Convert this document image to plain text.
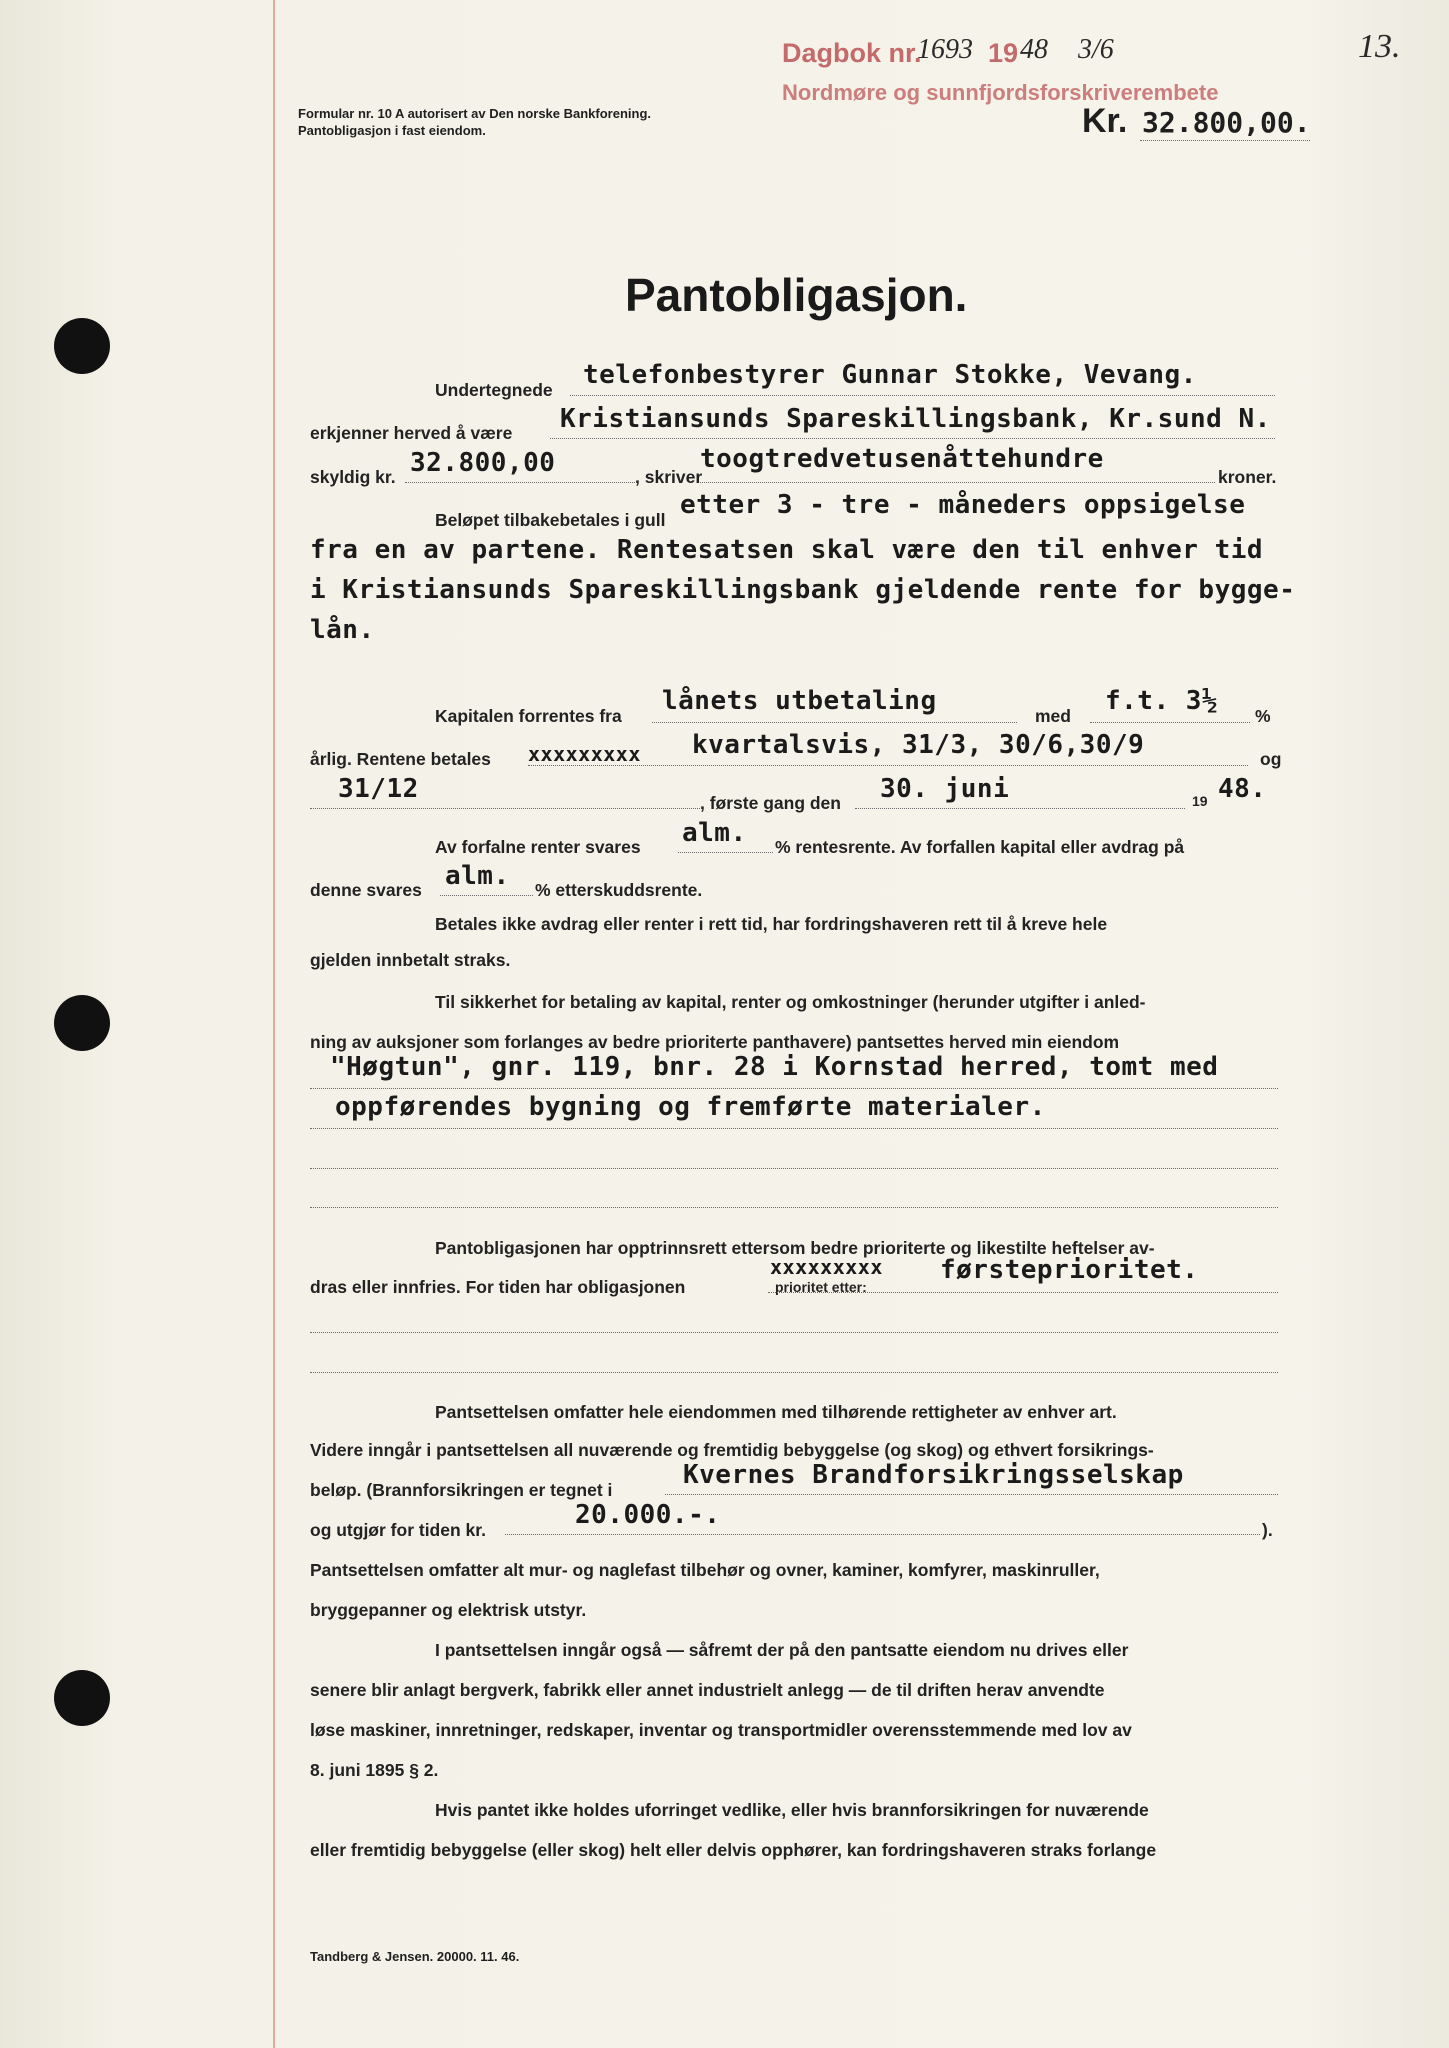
Dagbok nr.
1693 19 48 3/6
Nordmøre og sunnfjordsforskriverembete
13.
Formular nr. 10 A autorisert av Den norske Bankforening.
Pantobligasjon i fast eiendom.	Kr. 32.800,00.
Pantobligasjon.
Undertegnede telefonbestyrer Gunnar Stokke, Vevang.
erkjenner herved å være Kristiansunds Spareskillingsbank, Kr.sund N.
skyldig kr. 32.800,00	, skriver
toogtredvetusenåttehundre
kroner.
Beløpet tilbakebetales i gull etter 3 - tre - måneders oppsigelse
fra en av partene. Rentesatsen skal være den til enhver tid
i Kristiansunds Spareskillingsbank gjeldende rente for bygge-
lån.
Kapitalen forrentes fra lånets utbetaling	med f.t. 3½ %
årlig. Rentene betales xxxxxxxxx kvartalsvis, 31/3, 30/6,30/9	og
31/12	, første gang den 30. juni	19 48.
Av forfalne renter svares alm. % rentesrente. Av forfallen kapital eller avdrag på
denne svares alm. % etterskuddsrente.
Betales ikke avdrag eller renter i rett tid, har fordringshaveren rett til å kreve hele
gjelden innbetalt straks.
Til sikkerhet for betaling av kapital, renter og omkostninger (herunder utgifter i anled-
ning av auksjoner som forlanges av bedre prioriterte panthavere) pantsettes herved min eiendom
"Høgtun", gnr. 119, bnr. 28 i Kornstad herred, tomt med
oppførendes bygning og fremførte materialer.
Pantobligasjonen har opptrinnsrett ettersom bedre prioriterte og likestilte heftelser av-
dras eller innfries. For tiden har obligasjonen
xxxxxxxxx
prioritet etter:
førsteprioritet.
Pantsettelsen omfatter hele eiendommen med tilhørende rettigheter av enhver art.
Videre inngår i pantsettelsen all nuværende og fremtidig bebyggelse (og skog) og ethvert forsikrings-
beløp. (Brannforsikringen er tegnet i	Kvernes Brandforsikringsselskap
og utgjør for tiden kr.	20.000.-.	).
Pantsettelsen omfatter alt mur- og naglefast tilbehør og ovner, kaminer, komfyrer, maskinruller,
bryggepanner og elektrisk utstyr.
I pantsettelsen inngår også — såfremt der på den pantsatte eiendom nu drives eller
senere blir anlagt bergverk, fabrikk eller annet industrielt anlegg — de til driften herav anvendte
løse maskiner, innretninger, redskaper, inventar og transportmidler overensstemmende med lov av
8. juni 1895 § 2.
Hvis pantet ikke holdes uforringet vedlike, eller hvis brannforsikringen for nuværende
eller fremtidig bebyggelse (eller skog) helt eller delvis opphører, kan fordringshaveren straks forlange
Tandberg & Jensen. 20000. 11. 46.
